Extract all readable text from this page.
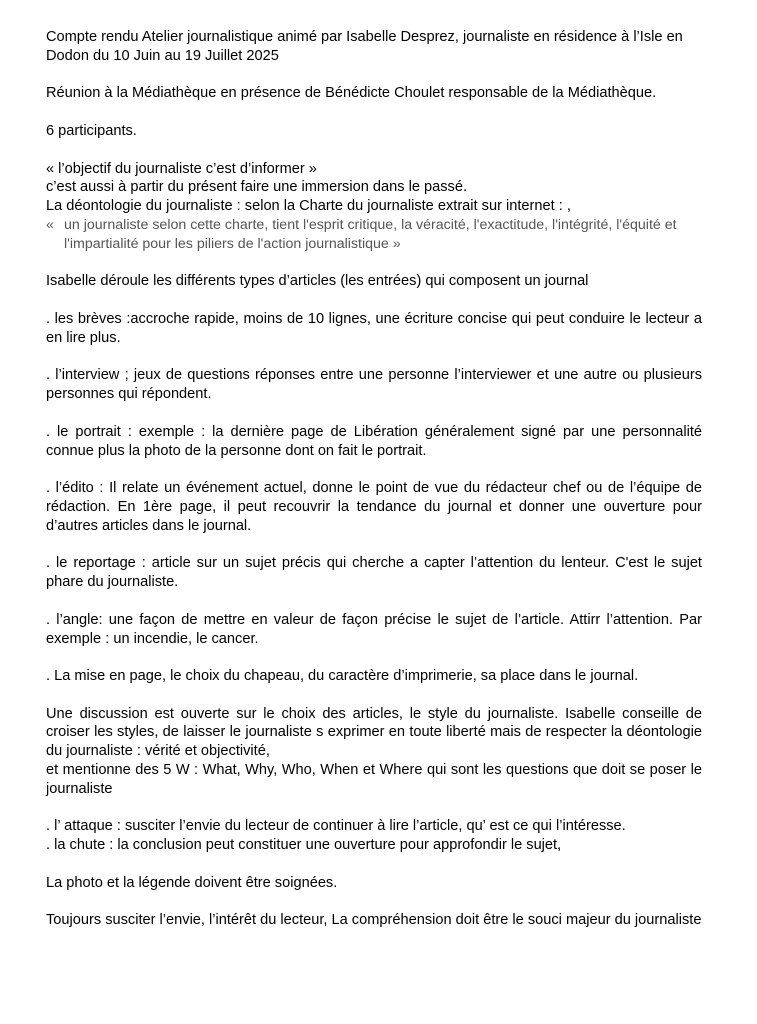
Compte rendu Atelier journalistique animé par Isabelle Desprez, journaliste en résidence à l’Isle en Dodon du 10 Juin au 19 Juillet 2025

Réunion à la Médiathèque en présence de Bénédicte Choulet responsable de la Médiathèque.

6 participants.

« l’objectif du journaliste c’est d’informer »

c’est aussi à partir du présent faire une immersion dans le passé.

La déontologie du journaliste : selon la Charte du journaliste extrait sur internet : ,

« un journaliste selon cette charte, tient l'esprit critique, la véracité, l'exactitude, l'intégrité, l'équité et l'impartialité pour les piliers de l'action journalistique »

Isabelle déroule les différents types d’articles (les entrées) qui composent un journal

. les brèves :accroche rapide, moins de 10 lignes, une écriture concise qui peut conduire le lecteur a en lire plus.

. l’interview ; jeux de questions réponses entre une personne l’interviewer et une autre ou plusieurs personnes qui répondent.

. le portrait : exemple : la dernière page de Libération généralement signé par une personnalité connue plus la photo de la personne dont on fait le portrait.

. l’édito : Il relate un événement actuel, donne le point de vue du rédacteur chef ou de l’équipe de rédaction. En 1ère page, il peut recouvrir la tendance du journal et donner une ouverture pour d’autres articles dans le journal.

. le reportage : article sur un sujet précis qui cherche a capter l’attention du lenteur. C'est le sujet phare du journaliste.

. l’angle: une façon de mettre en valeur de façon précise le sujet de l’article. Attirr l’attention. Par exemple : un incendie, le cancer.

. La mise en page, le choix du chapeau, du caractère d’imprimerie, sa place dans le journal.

Une discussion est ouverte sur le choix des articles, le style du journaliste. Isabelle conseille de croiser les styles, de laisser le journaliste s exprimer en toute liberté mais de respecter la déontologie du journaliste : vérité et objectivité,

et mentionne des 5 W : What, Why, Who, When et Where qui sont les questions que doit se poser le journaliste

. l’ attaque : susciter l’envie du lecteur de continuer à lire l’article, qu’ est ce qui l’intéresse.

. la chute : la conclusion peut constituer une ouverture pour approfondir le sujet,

La photo et la légende doivent être soignées.

Toujours susciter l’envie, l’intérêt du lecteur, La compréhension doit être le souci majeur du journaliste
